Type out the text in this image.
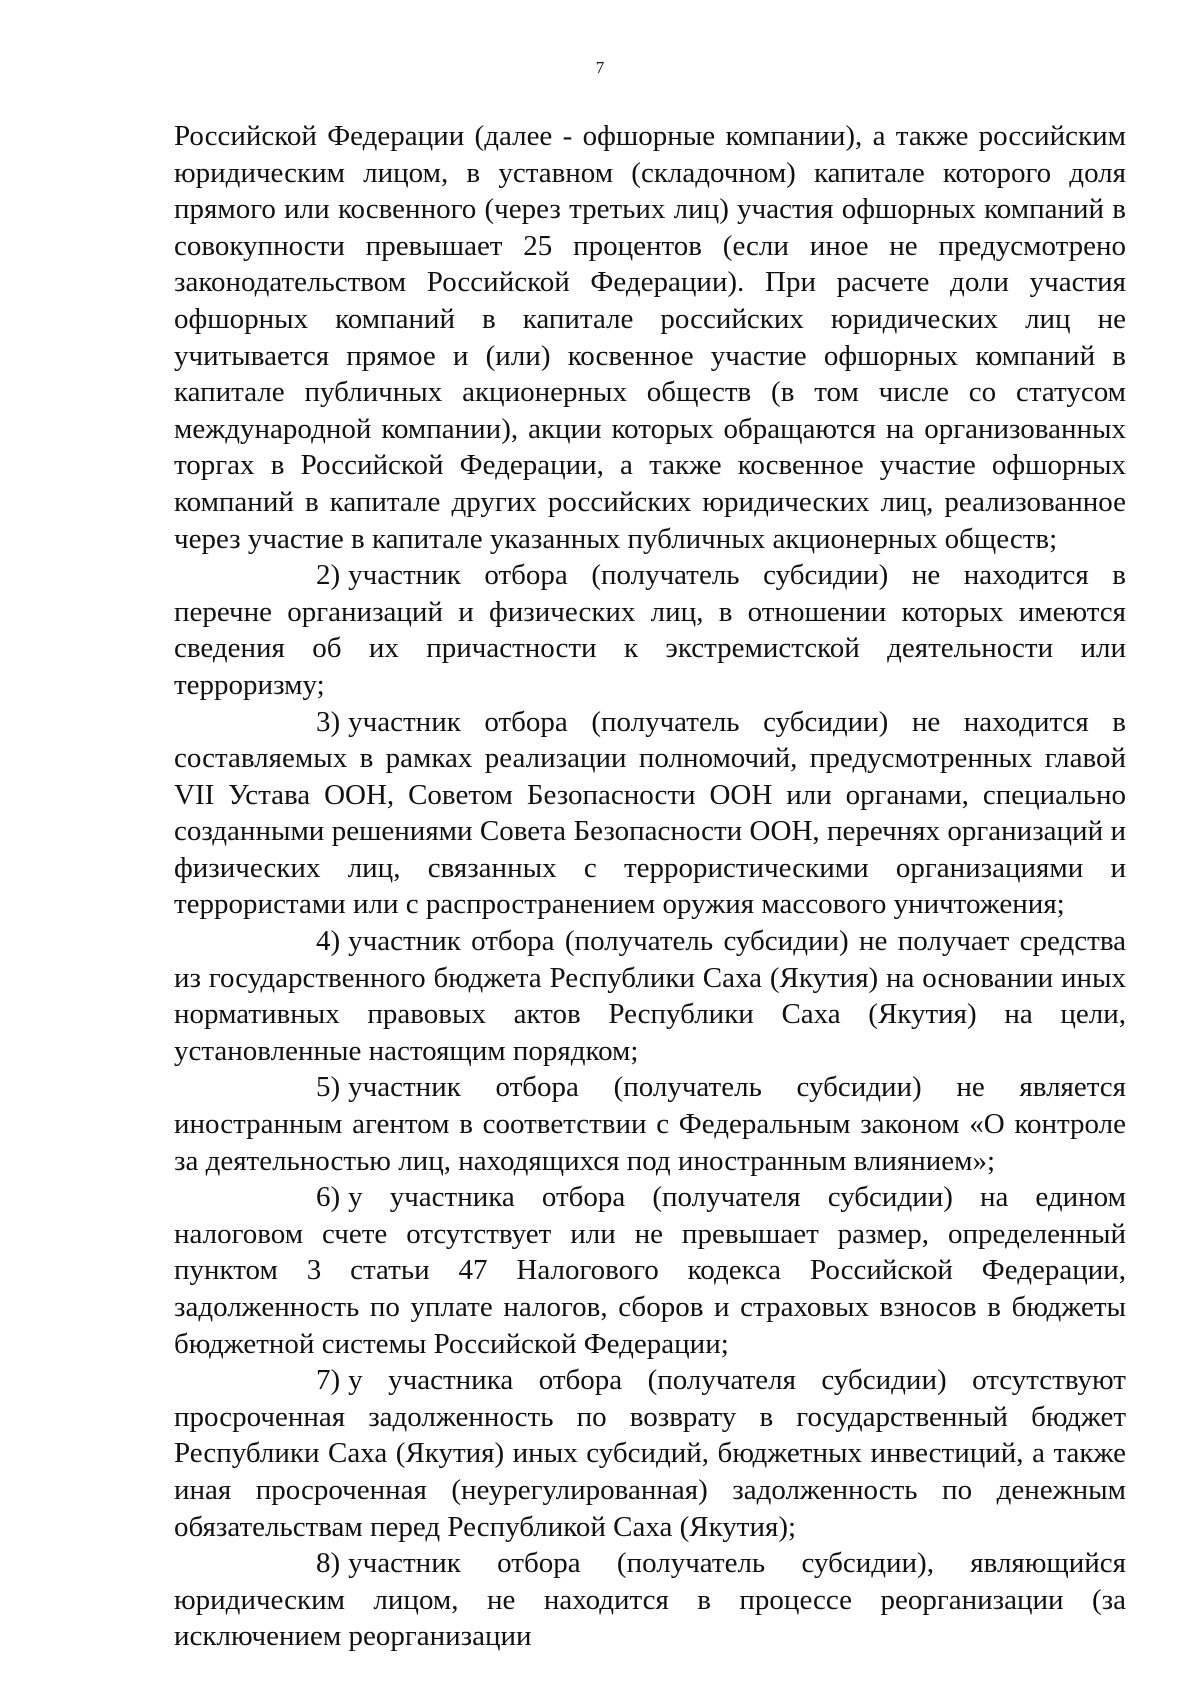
7

Российской Федерации (далее - офшорные компании), а также российским юридическим лицом, в уставном (складочном) капитале которого доля прямого или косвенного (через третьих лиц) участия офшорных компаний в совокупности превышает 25 процентов (если иное не предусмотрено законодательством Российской Федерации). При расчете доли участия офшорных компаний в капитале российских юридических лиц не учитывается прямое и (или) косвенное участие офшорных компаний в капитале публичных акционерных обществ (в том числе со статусом международной компании), акции которых обращаются на организованных торгах в Российской Федерации, а также косвенное участие офшорных компаний в капитале других российских юридических лиц, реализованное через участие в капитале указанных публичных акционерных обществ;

2) участник отбора (получатель субсидии) не находится в перечне организаций и физических лиц, в отношении которых имеются сведения об их причастности к экстремистской деятельности или терроризму;

3) участник отбора (получатель субсидии) не находится в составляемых в рамках реализации полномочий, предусмотренных главой VII Устава ООН, Советом Безопасности ООН или органами, специально созданными решениями Совета Безопасности ООН, перечнях организаций и физических лиц, связанных с террористическими организациями и террористами или с распространением оружия массового уничтожения;

4) участник отбора (получатель субсидии) не получает средства из государственного бюджета Республики Саха (Якутия) на основании иных нормативных правовых актов Республики Саха (Якутия) на цели, установленные настоящим порядком;

5) участник отбора (получатель субсидии) не является иностранным агентом в соответствии с Федеральным законом «О контроле за деятельностью лиц, находящихся под иностранным влиянием»;

6) у участника отбора (получателя субсидии) на едином налоговом счете отсутствует или не превышает размер, определенный пунктом 3 статьи 47 Налогового кодекса Российской Федерации, задолженность по уплате налогов, сборов и страховых взносов в бюджеты бюджетной системы Российской Федерации;

7) у участника отбора (получателя субсидии) отсутствуют просроченная задолженность по возврату в государственный бюджет Республики Саха (Якутия) иных субсидий, бюджетных инвестиций, а также иная просроченная (неурегулированная) задолженность по денежным обязательствам перед Республикой Саха (Якутия);

8) участник отбора (получатель субсидии), являющийся юридическим лицом, не находится в процессе реорганизации (за исключением реорганизации
